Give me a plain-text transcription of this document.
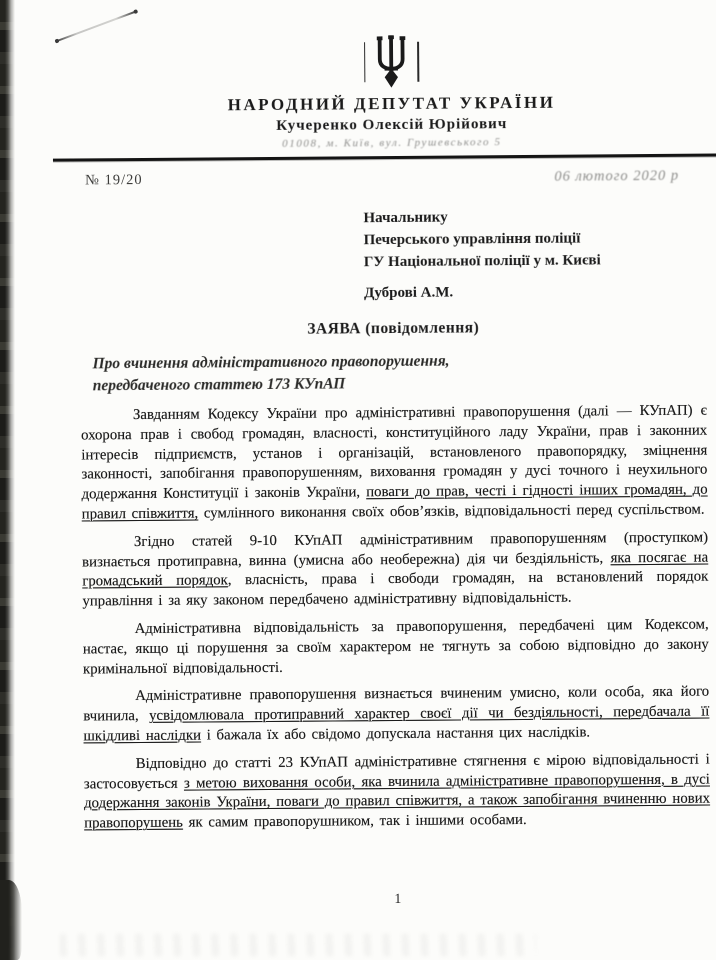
НАРОДНИЙ ДЕПУТАТ УКРАЇНИ
Кучеренко Олексій Юрійович
01008, м. Київ, вул. Грушевського 5
№ 19/20	06 лютого 2020 р
Начальнику
Печерського управління поліції
ГУ Національної поліції у м. Києві
Дуброві А.М.
ЗАЯВА (повідомлення)
Про вчинення адміністративного правопорушення,
передбаченого статтею 173 КУпАП

Завданням Кодексу України про адміністративні правопорушення (далі — КУпАП) є охорона прав і свобод громадян, власності, конституційного ладу України, прав і законних інтересів підприємств, установ і організацій, встановленого правопорядку, зміцнення законності, запобігання правопорушенням, виховання громадян у дусі точного і неухильного додержання Конституції і законів України, поваги до прав, честі і гідності інших громадян, до правил співжиття, сумлінного виконання своїх обов’язків, відповідальності перед суспільством.

Згідно статей 9-10 КУпАП адміністративним правопорушенням (проступком) визнається протиправна, винна (умисна або необережна) дія чи бездіяльність, яка посягає на громадський порядок, власність, права і свободи громадян, на встановлений порядок управління і за яку законом передбачено адміністративну відповідальність.

Адміністративна відповідальність за правопорушення, передбачені цим Кодексом, настає, якщо ці порушення за своїм характером не тягнуть за собою відповідно до закону кримінальної відповідальності.

Адміністративне правопорушення визнається вчиненим умисно, коли особа, яка його вчинила, усвідомлювала протиправний характер своєї дії чи бездіяльності, передбачала її шкідливі наслідки і бажала їх або свідомо допускала настання цих наслідків.

Відповідно до статті 23 КУпАП адміністративне стягнення є мірою відповідальності і застосовується з метою виховання особи, яка вчинила адміністративне правопорушення, в дусі додержання законів України, поваги до правил співжиття, а також запобігання вчиненню нових правопорушень як самим правопорушником, так і іншими особами.

1
